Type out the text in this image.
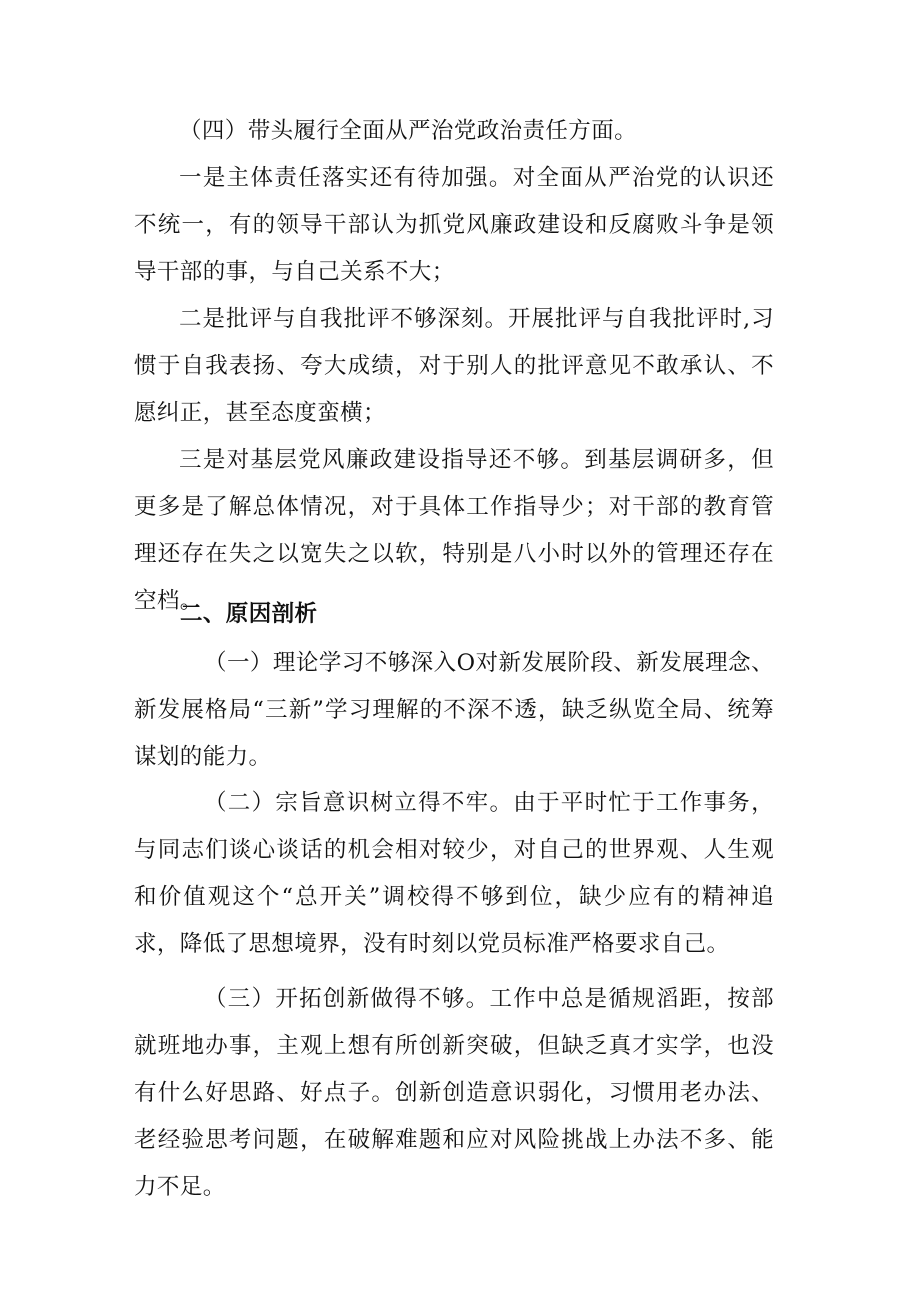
（四）带头履行全面从严治党政治责任方面。

一是主体责任落实还有待加强。对全面从严治党的认识还不统一，有的领导干部认为抓党风廉政建设和反腐败斗争是领导干部的事，与自己关系不大；

二是批评与自我批评不够深刻。开展批评与自我批评时,习惯于自我表扬、夸大成绩，对于别人的批评意见不敢承认、不愿纠正，甚至态度蛮横；

三是对基层党风廉政建设指导还不够。到基层调研多，但更多是了解总体情况，对于具体工作指导少；对干部的教育管理还存在失之以宽失之以软，特别是八小时以外的管理还存在空档。

二、原因剖析

（一）理论学习不够深入O对新发展阶段、新发展理念、新发展格局“三新”学习理解的不深不透，缺乏纵览全局、统筹谋划的能力。

（二）宗旨意识树立得不牢。由于平时忙于工作事务，与同志们谈心谈话的机会相对较少，对自己的世界观、人生观和价值观这个“总开关”调校得不够到位，缺少应有的精神追求，降低了思想境界，没有时刻以党员标准严格要求自己。

（三）开拓创新做得不够。工作中总是循规滔距，按部就班地办事，主观上想有所创新突破，但缺乏真才实学，也没有什么好思路、好点子。创新创造意识弱化，习惯用老办法、老经验思考问题，在破解难题和应对风险挑战上办法不多、能力不足。
